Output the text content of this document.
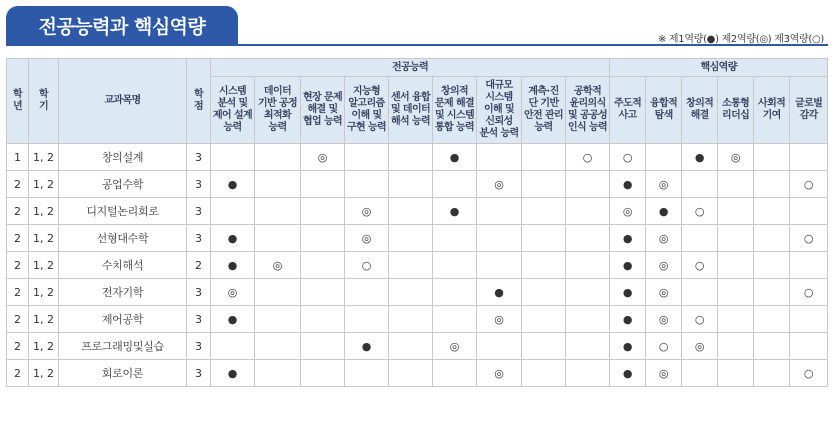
전공능력과 핵심역량
※ 제1역량(●) 제2역량(◎) 제3역량(○)
학
년	학
기	교과목명	학
점	전공능력									핵심역량					

				시스템
분석 및
제어 설계
능력	데이터
기반 공정
최적화
능력	현장 문제
해결 및
협업 능력	지능형
알고리즘
이해 및
구현 능력	센서 융합
및 데이터
해석 능력	창의적
문제 해결
및 시스템
통합 능력	대규모
시스템
이해 및
신뢰성
분석 능력	계측·진
단 기반
안전 관리
능력	공학적
윤리의식
및 공공성
인식 능력	주도적
사고	융합적
탐색	창의적
해결	소통형
리더십	사회적
기여	글로벌
감각

1	1, 2	창의설계	3			◎			●			○	○		●	◎		
2	1, 2	공업수학	3	●						◎			●	◎				○
2	1, 2	디지털논리회로	3				◎		●				◎	●	○			
2	1, 2	선형대수학	3	●			◎						●	◎				○
2	1, 2	수치해석	2	●	◎		○						●	◎	○			
2	1, 2	전자기학	3	◎						●			●	◎				○
2	1, 2	제어공학	3	●						◎			●	◎	○			
2	1, 2	프로그래밍및실습	3				●		◎				●	○	◎			
2	1, 2	회로이론	3	●						◎			●	◎				○
